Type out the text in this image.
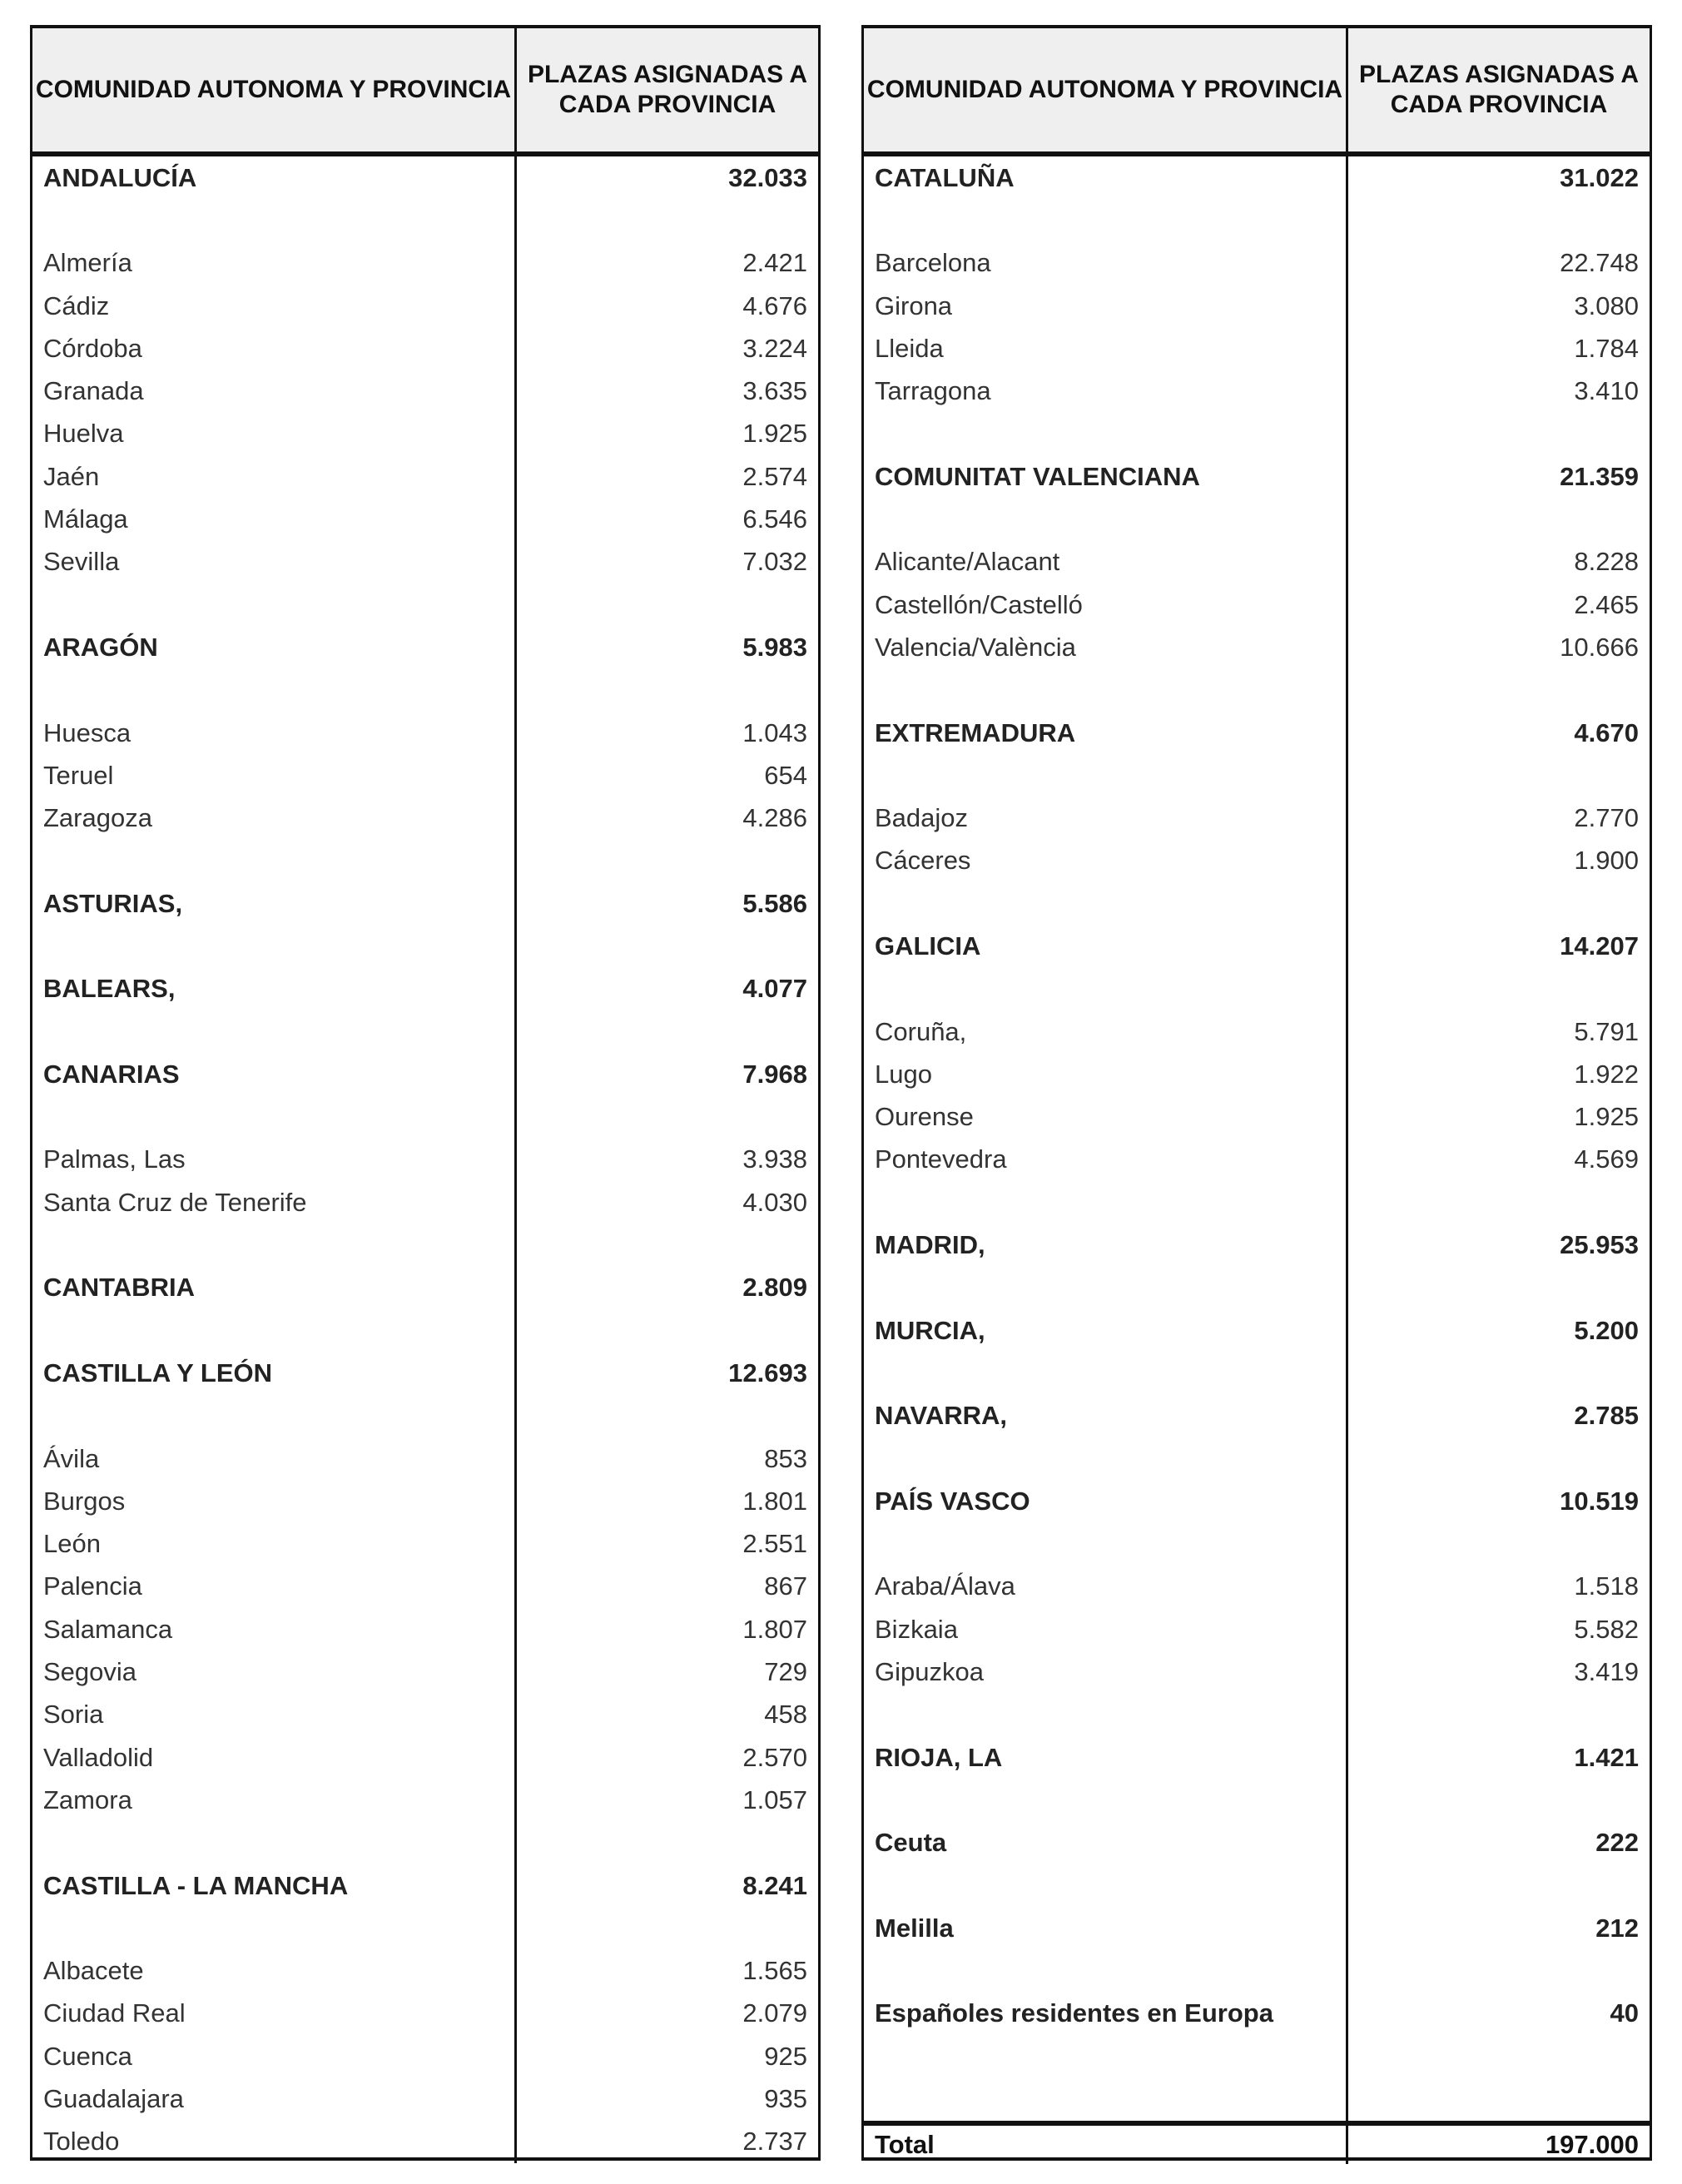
COMUNIDAD AUTONOMA Y PROVINCIA
PLAZAS ASIGNADAS A CADA PROVINCIA
ANDALUCÍA	32.033
Almería	2.421
Cádiz	4.676
Córdoba	3.224
Granada	3.635
Huelva	1.925
Jaén	2.574
Málaga	6.546
Sevilla	7.032
ARAGÓN	5.983
Huesca	1.043
Teruel	654
Zaragoza	4.286
ASTURIAS,	5.586
BALEARS,	4.077
CANARIAS	7.968
Palmas, Las	3.938
Santa Cruz de Tenerife	4.030
CANTABRIA	2.809
CASTILLA Y LEÓN	12.693
Ávila	853
Burgos	1.801
León	2.551
Palencia	867
Salamanca	1.807
Segovia	729
Soria	458
Valladolid	2.570
Zamora	1.057
CASTILLA - LA MANCHA	8.241
Albacete	1.565
Ciudad Real	2.079
Cuenca	925
Guadalajara	935
Toledo	2.737
COMUNIDAD AUTONOMA Y PROVINCIA
PLAZAS ASIGNADAS A CADA PROVINCIA
CATALUÑA	31.022
Barcelona	22.748
Girona	3.080
Lleida	1.784
Tarragona	3.410
COMUNITAT VALENCIANA	21.359
Alicante/Alacant	8.228
Castellón/Castelló	2.465
Valencia/València	10.666
EXTREMADURA	4.670
Badajoz	2.770
Cáceres	1.900
GALICIA	14.207
Coruña,	5.791
Lugo	1.922
Ourense	1.925
Pontevedra	4.569
MADRID,	25.953
MURCIA,	5.200
NAVARRA,	2.785
PAÍS VASCO	10.519
Araba/Álava	1.518
Bizkaia	5.582
Gipuzkoa	3.419
RIOJA, LA	1.421
Ceuta	222
Melilla	212
Españoles residentes en Europa	40
Total	197.000
